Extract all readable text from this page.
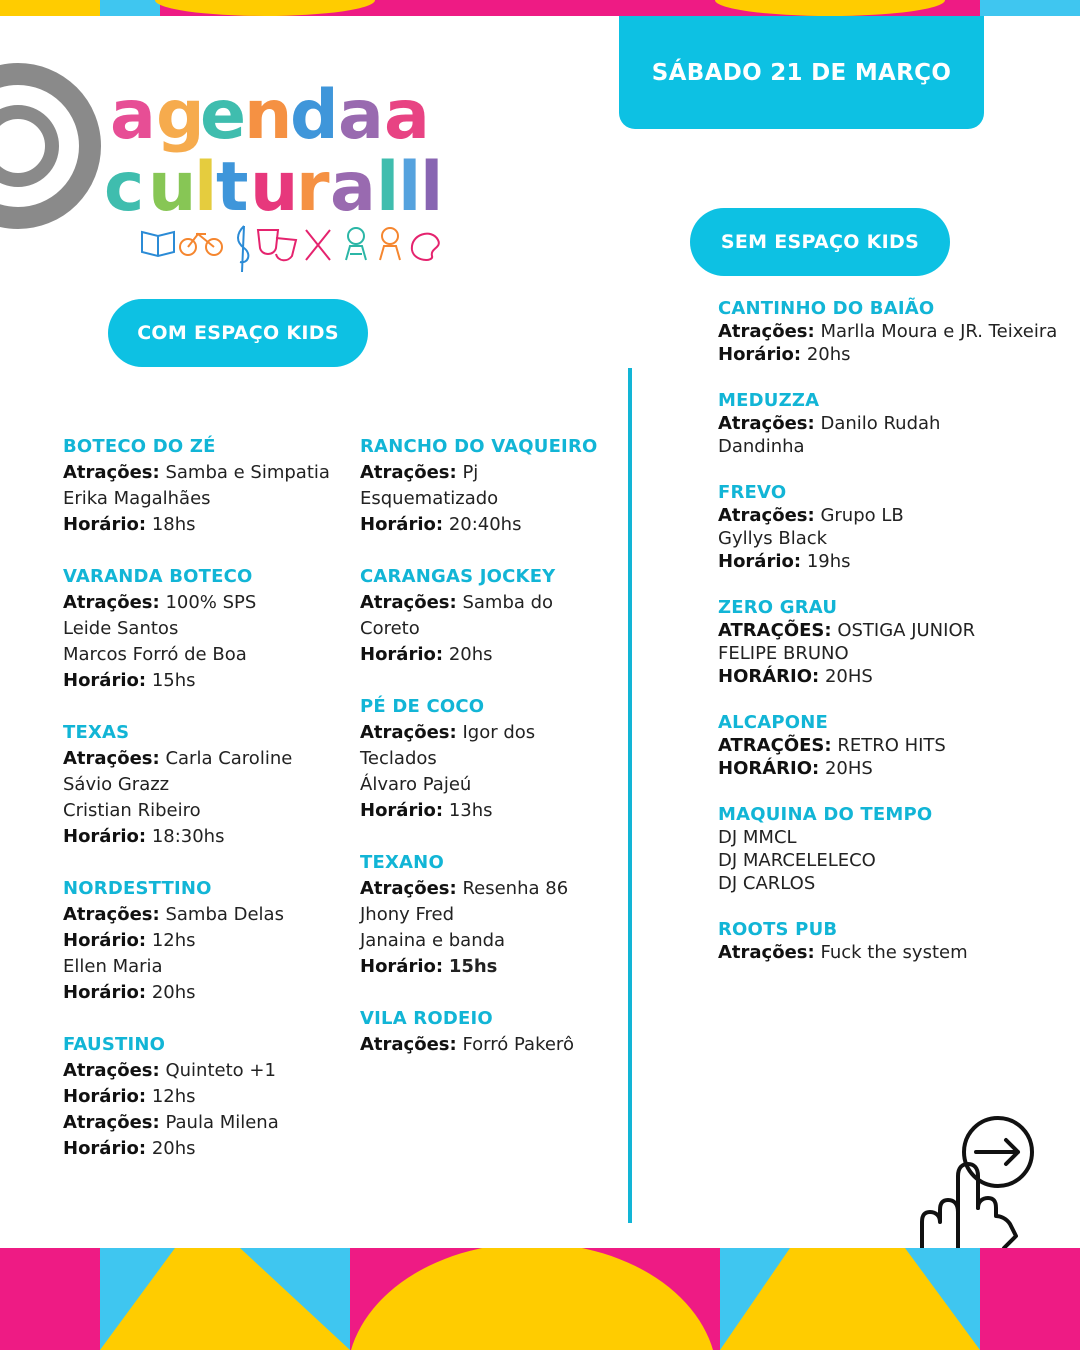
a g
e
n
d a a
c u
l
t u
r a l
l
l
SÁBADO 21 DE MARÇO
COM ESPAÇO KIDS
SEM ESPAÇO KIDS
BOTECO DO ZÉ
Atrações: Samba e Simpatia
Erika Magalhães
Horário: 18hs
VARANDA BOTECO
Atrações: 100% SPS
Leide Santos
Marcos Forró de Boa
Horário: 15hs
TEXAS
Atrações: Carla Caroline
Sávio Grazz
Cristian Ribeiro
Horário: 18:30hs
NORDESTTINO
Atrações: Samba Delas
Horário: 12hs
Ellen Maria
Horário: 20hs
FAUSTINO
Atrações: Quinteto +1
Horário: 12hs
Atrações: Paula Milena
Horário: 20hs
RANCHO DO VAQUEIRO
Atrações: Pj Esquematizado
Horário: 20:40hs
CARANGAS JOCKEY
Atrações: Samba do Coreto
Horário: 20hs
PÉ DE COCO
Atrações: Igor dos Teclados
Álvaro Pajeú
Horário: 13hs
TEXANO
Atrações: Resenha 86
Jhony Fred
Janaina e banda
Horário: 15hs
VILA RODEIO
Atrações: Forró Pakerô
CANTINHO DO BAIÃO
Atrações: Marlla Moura e JR. Teixeira
Horário: 20hs
MEDUZZA
Atrações: Danilo Rudah
Dandinha
FREVO
Atrações: Grupo LB
Gyllys Black
Horário: 19hs
ZERO GRAU
ATRAÇÕES: OSTIGA JUNIOR
FELIPE BRUNO
HORÁRIO: 20HS
ALCAPONE
ATRAÇÕES: RETRO HITS
HORÁRIO: 20HS
MAQUINA DO TEMPO
DJ MMCL
DJ MARCELELECO
DJ CARLOS
ROOTS PUB
Atrações: Fuck the system
